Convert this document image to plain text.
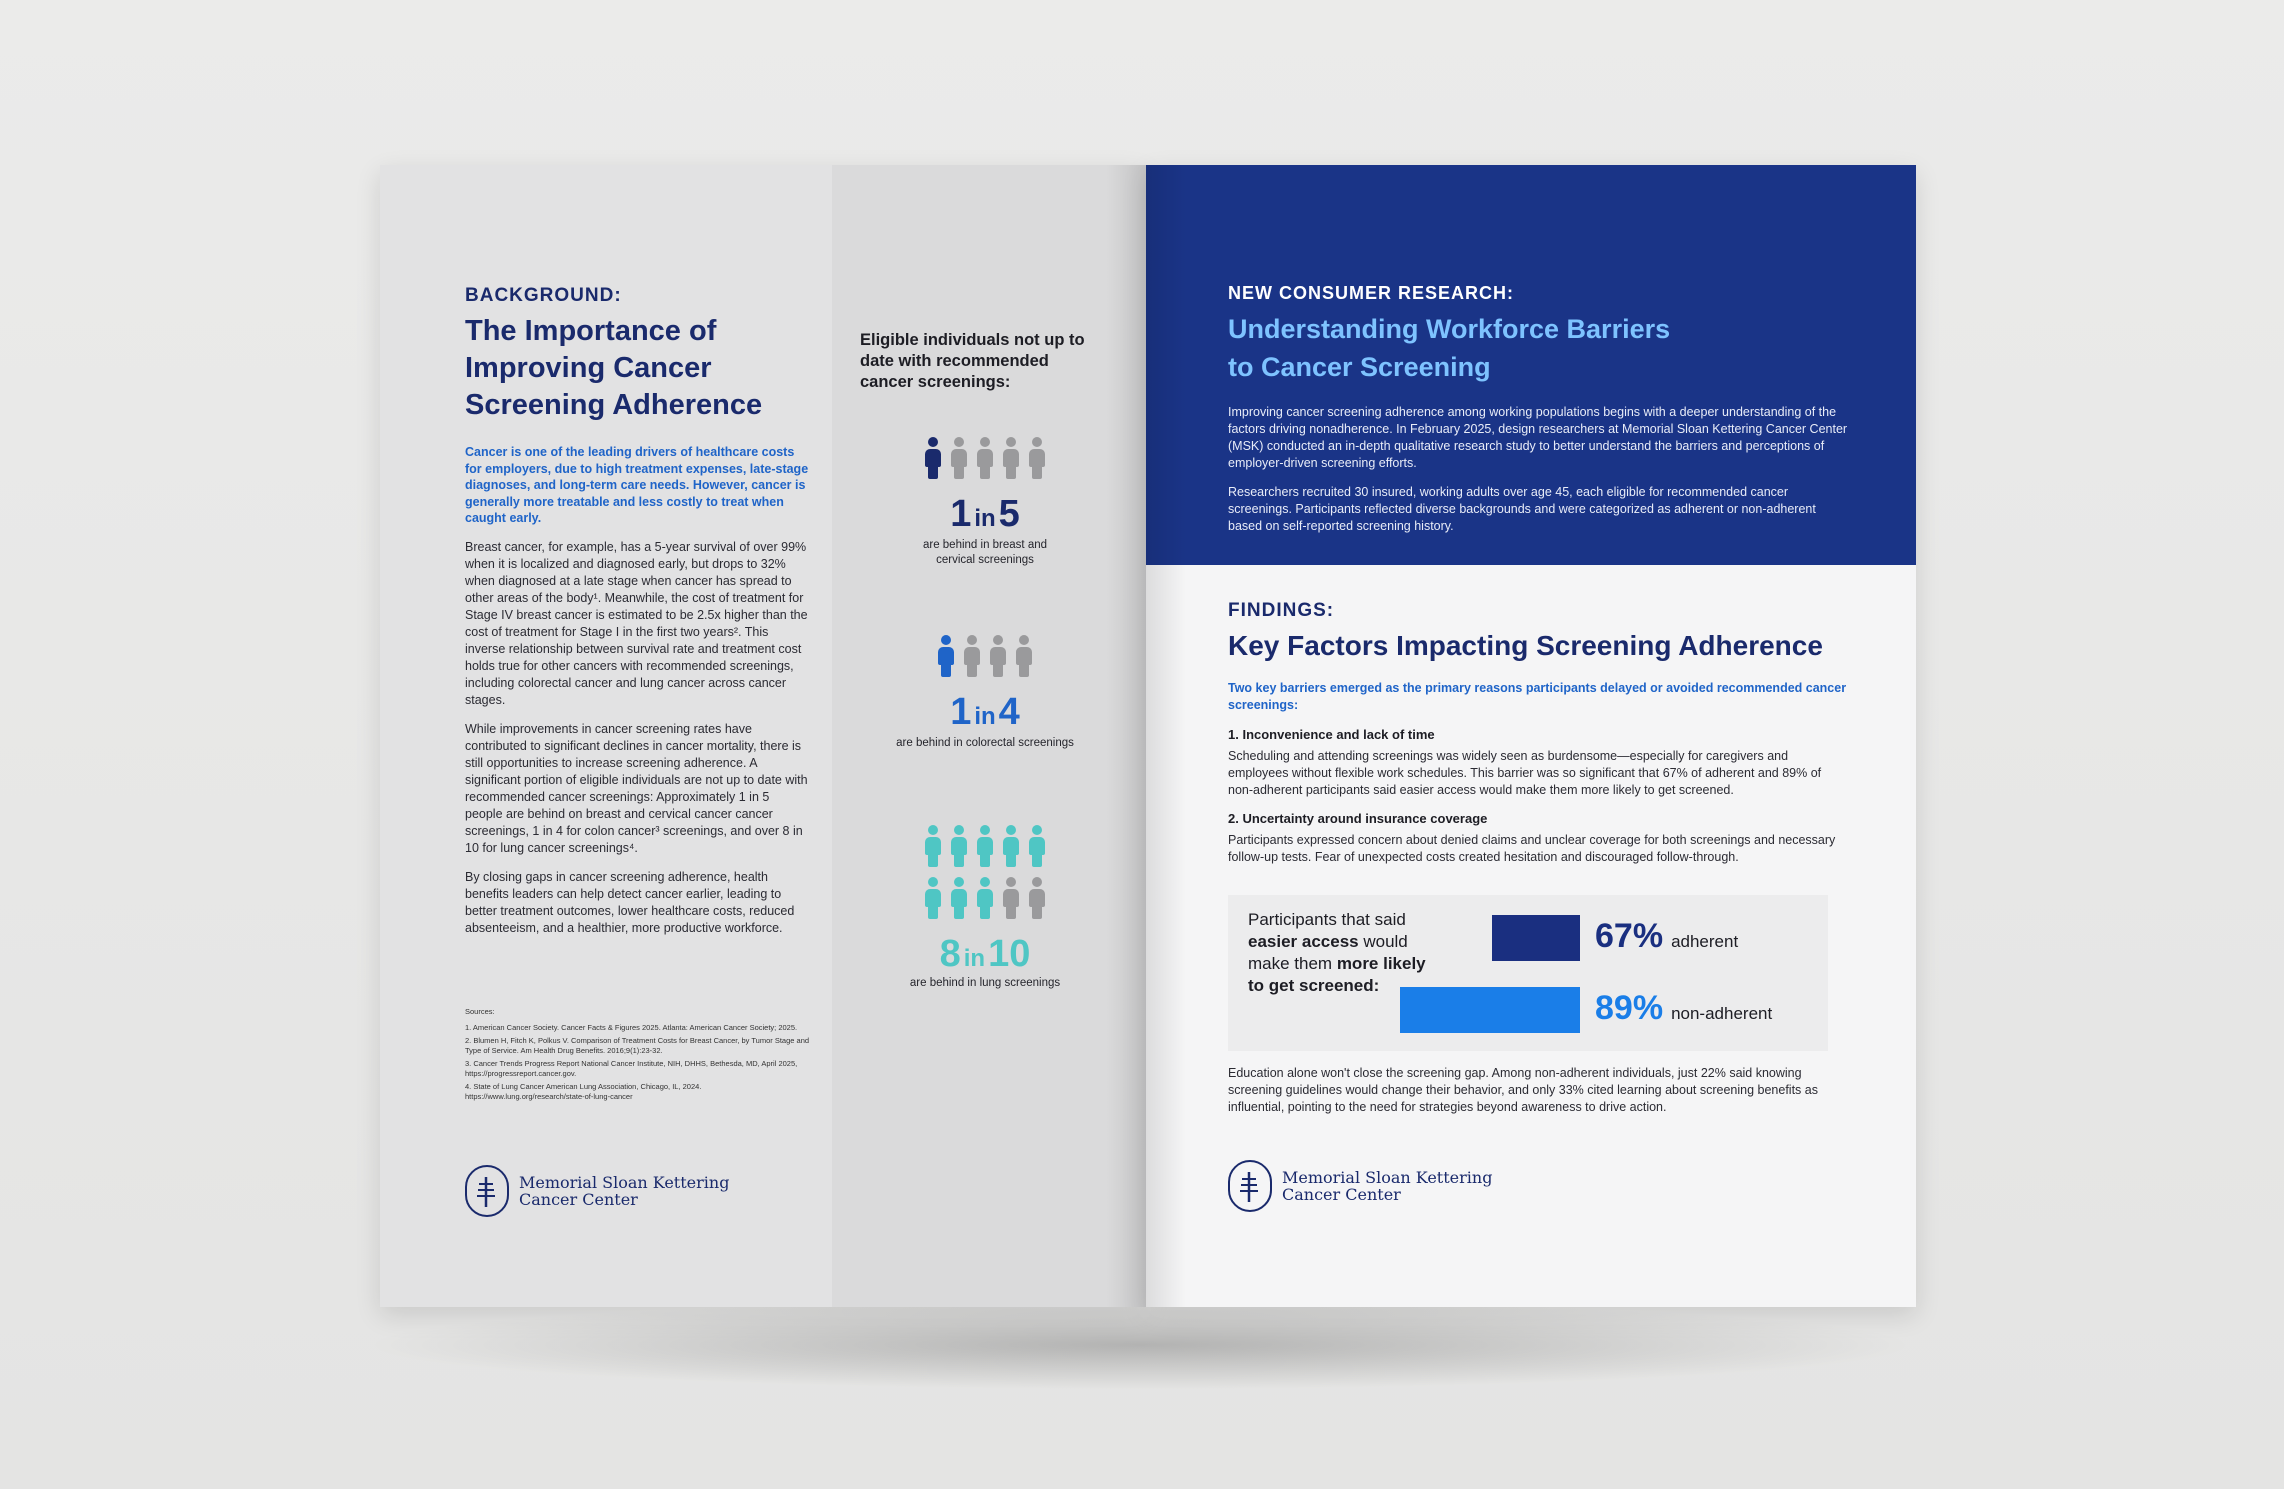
BACKGROUND:
The Importance of
Improving Cancer
Screening Adherence
Cancer is one of the leading drivers of healthcare costs for employers, due to high treatment expenses, late-stage diagnoses, and long-term care needs. However, cancer is generally more treatable and less costly to treat when caught early.
Breast cancer, for example, has a 5-year survival of over 99% when it is localized and diagnosed early, but drops to 32% when diagnosed at a late stage when cancer has spread to other areas of the body¹. Meanwhile, the cost of treatment for Stage IV breast cancer is estimated to be 2.5x higher than the cost of treatment for Stage I in the first two years². This inverse relationship between survival rate and treatment cost holds true for other cancers with recommended screenings, including colorectal cancer and lung cancer across cancer stages.
While improvements in cancer screening rates have contributed to significant declines in cancer mortality, there is still opportunities to increase screening adherence. A significant portion of eligible individuals are not up to date with recommended cancer screenings: Approximately 1 in 5 people are behind on breast and cervical cancer cancer screenings, 1 in 4 for colon cancer³ screenings, and over 8 in 10 for lung cancer screenings⁴.
By closing gaps in cancer screening adherence, health benefits leaders can help detect cancer earlier, leading to better treatment outcomes, lower healthcare costs, reduced absenteeism, and a healthier, more productive workforce.
Sources:
1. American Cancer Society. Cancer Facts & Figures 2025. Atlanta: American Cancer Society; 2025.
2. Blumen H, Fitch K, Polkus V. Comparison of Treatment Costs for Breast Cancer, by Tumor Stage and Type of Service. Am Health Drug Benefits. 2016;9(1):23-32.
3. Cancer Trends Progress Report National Cancer Institute, NIH, DHHS, Bethesda, MD, April 2025, https://progressreport.cancer.gov.
4. State of Lung Cancer American Lung Association, Chicago, IL, 2024. https://www.lung.org/research/state-of-lung-cancer
Memorial Sloan Kettering
Cancer Center
Eligible individuals not up to date with recommended cancer screenings:
1 in5
are behind in breast and cervical screenings
1 in4
are behind in colorectal screenings
8 in10
are behind in lung screenings
NEW CONSUMER RESEARCH:
Understanding Workforce Barriers
to Cancer Screening
Improving cancer screening adherence among working populations begins with a deeper understanding of the factors driving nonadherence. In February 2025, design researchers at Memorial Sloan Kettering Cancer Center (MSK) conducted an in-depth qualitative research study to better understand the barriers and perceptions of employer-driven screening efforts.
Researchers recruited 30 insured, working adults over age 45, each eligible for recommended cancer screenings. Participants reflected diverse backgrounds and were categorized as adherent or non-adherent based on self-reported screening history.
FINDINGS:
Key Factors Impacting Screening Adherence
Two key barriers emerged as the primary reasons participants delayed or avoided recommended cancer screenings:
1. Inconvenience and lack of time
Scheduling and attending screenings was widely seen as burdensome—especially for caregivers and employees without flexible work schedules. This barrier was so significant that 67% of adherent and 89% of non-adherent participants said easier access would make them more likely to get screened.
2. Uncertainty around insurance coverage
Participants expressed concern about denied claims and unclear coverage for both screenings and necessary follow-up tests. Fear of unexpected costs created hesitation and discouraged follow-through.
Participants that said easier access would make them more likely to get screened:
67% adherent
89% non-adherent
Education alone won't close the screening gap. Among non-adherent individuals, just 22% said knowing screening guidelines would change their behavior, and only 33% cited learning about screening benefits as influential, pointing to the need for strategies beyond awareness to drive action.
Memorial Sloan Kettering
Cancer Center
